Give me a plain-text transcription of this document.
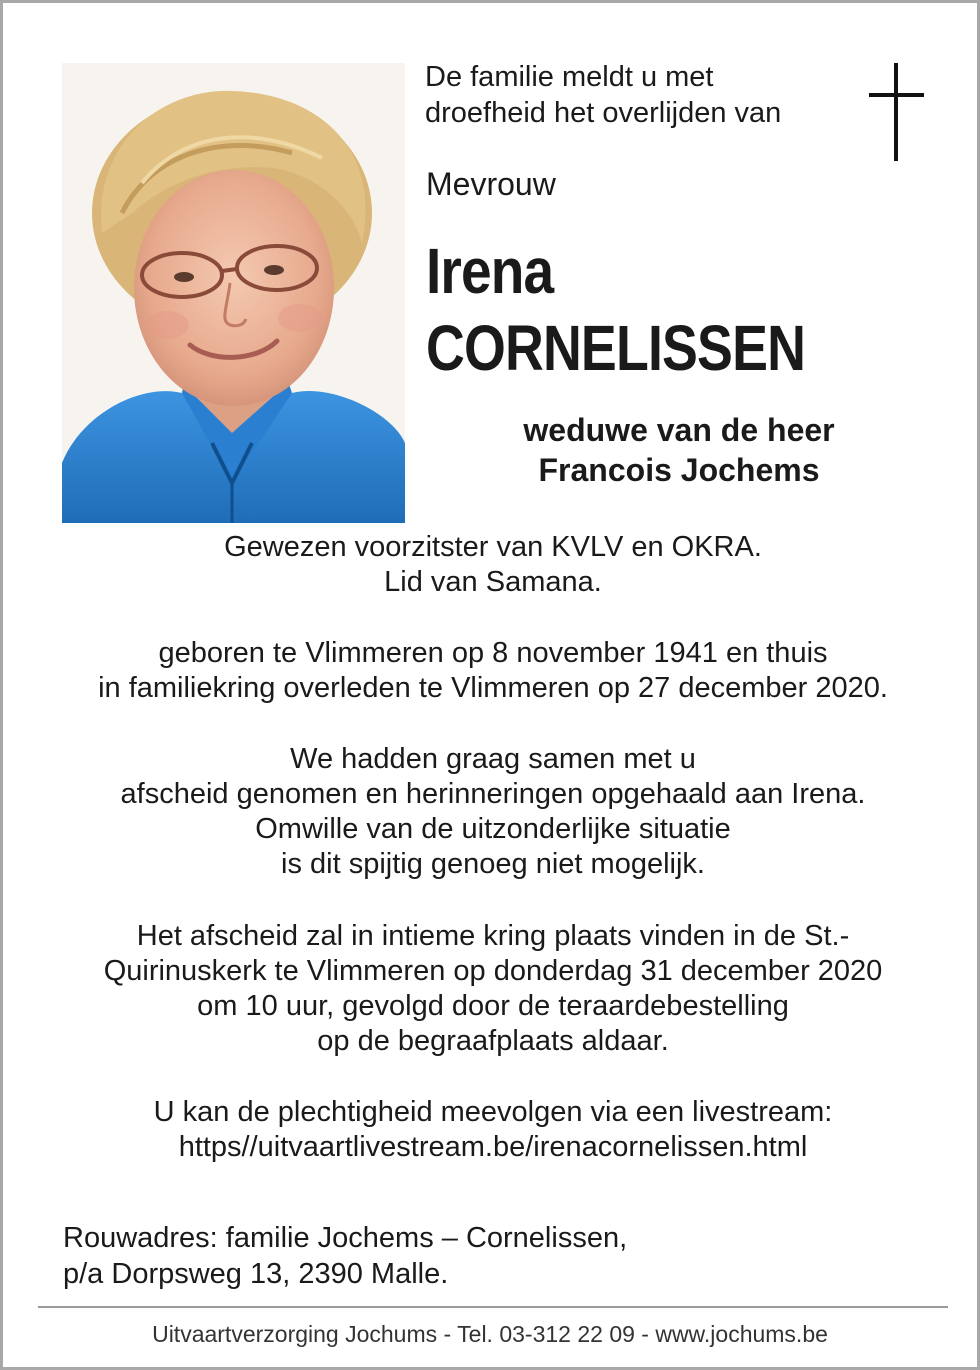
De familie meldt u met
droefheid het overlijden van
Mevrouw
Irena
CORNELISSEN
weduwe van de heer
Francois Jochems

Gewezen voorzitster van KVLV en OKRA.

Lid van Samana.

geboren te Vlimmeren op 8 november 1941 en thuis

in familiekring overleden te Vlimmeren op 27 december 2020.

We hadden graag samen met u

afscheid genomen en herinneringen opgehaald aan Irena.

Omwille van de uitzonderlijke situatie

is dit spijtig genoeg niet mogelijk.

Het afscheid zal in intieme kring plaats vinden in de St.-

Quirinuskerk te Vlimmeren op donderdag 31 december 2020

om 10 uur, gevolgd door de teraardebestelling

op de begraafplaats aldaar.

U kan de plechtigheid meevolgen via een livestream:

https//uitvaartlivestream.be/irenacornelissen.html

Rouwadres: familie Jochems – Cornelissen,

p/a Dorpsweg 13, 2390 Malle.

Uitvaartverzorging Jochums - Tel. 03-312 22 09 - www.jochums.be
